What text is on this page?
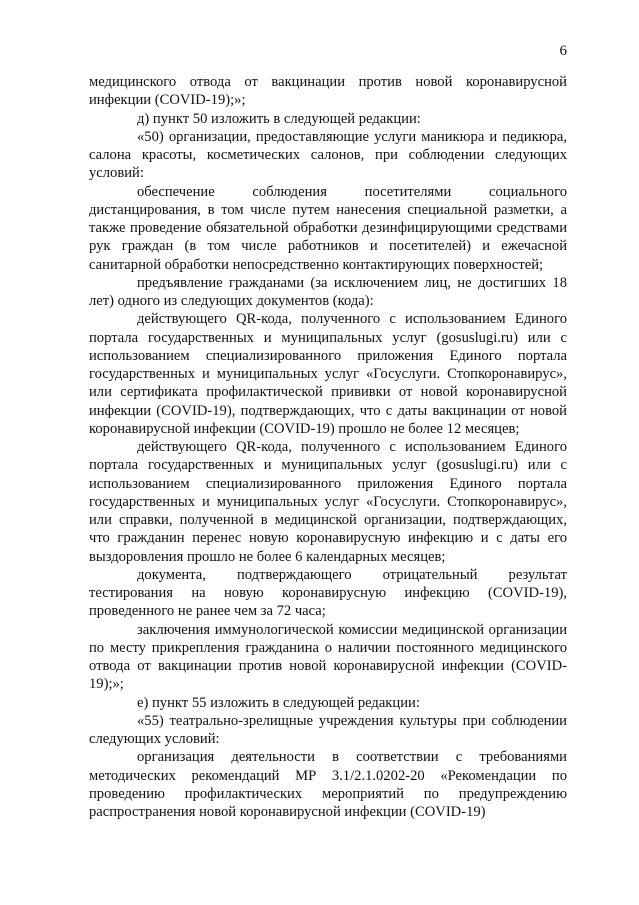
6

медицинского отвода от вакцинации против новой коронавирусной инфекции (COVID-19);»;

д) пункт 50 изложить в следующей редакции:

«50) организации, предоставляющие услуги маникюра и педикюра, салона красоты, косметических салонов, при соблюдении следующих условий:

обеспечение соблюдения посетителями социального дистанцирования, в том числе путем нанесения специальной разметки, а также проведение обязательной обработки дезинфицирующими средствами рук граждан (в том числе работников и посетителей) и ежечасной санитарной обработки непосредственно контактирующих поверхностей;

предъявление гражданами (за исключением лиц, не достигших 18 лет) одного из следующих документов (кода):

действующего QR-кода, полученного с использованием Единого портала государственных и муниципальных услуг (gosuslugi.ru) или с использованием специализированного приложения Единого портала государственных и муниципальных услуг «Госуслуги. Стопкоронавирус», или сертификата профилактической прививки от новой коронавирусной инфекции (COVID-19), подтверждающих, что с даты вакцинации от новой коронавирусной инфекции (COVID-19) прошло не более 12 месяцев;

действующего QR-кода, полученного с использованием Единого портала государственных и муниципальных услуг (gosuslugi.ru) или с использованием специализированного приложения Единого портала государственных и муниципальных услуг «Госуслуги. Стопкоронавирус», или справки, полученной в медицинской организации, подтверждающих, что гражданин перенес новую коронавирусную инфекцию и с даты его выздоровления прошло не более 6 календарных месяцев;

документа, подтверждающего отрицательный результат тестирования на новую коронавирусную инфекцию (COVID-19), проведенного не ранее чем за 72 часа;

заключения иммунологической комиссии медицинской организации по месту прикрепления гражданина о наличии постоянного медицинского отвода от вакцинации против новой коронавирусной инфекции (COVID-19);»;

е) пункт 55 изложить в следующей редакции:

«55) театрально-зрелищные учреждения культуры при соблюдении следующих условий:

организация деятельности в соответствии с требованиями методических рекомендаций МР 3.1/2.1.0202-20 «Рекомендации по проведению профилактических мероприятий по предупреждению распространения новой коронавирусной инфекции (COVID-19)
